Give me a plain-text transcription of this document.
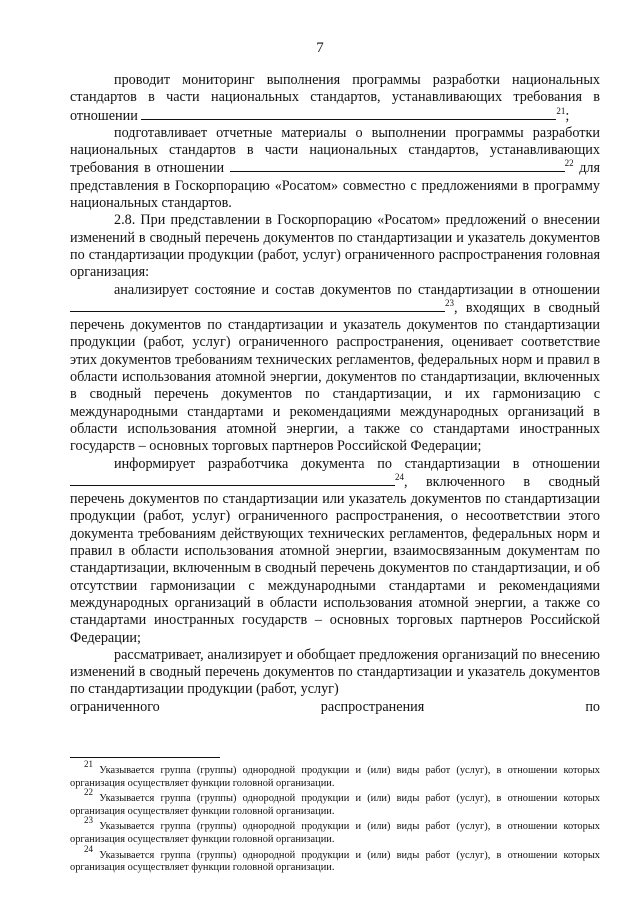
7

проводит мониторинг выполнения программы разработки национальных стандартов в части национальных стандартов, устанавливающих требования в отношении	$^{21}$;

подготавливает отчетные материалы о выполнении программы разработки национальных стандартов в части национальных стандартов, устанавливающих требования в отношении	$^{22}$ для представления в Госкорпорацию «Росатом» совместно с предложениями в программу национальных стандартов.

2.8. При представлении в Госкорпорацию «Росатом» предложений о внесении изменений в сводный перечень документов по стандартизации и указатель документов по стандартизации продукции (работ, услуг) ограниченного распространения головная организация:

анализирует состояние и состав документов по стандартизации в отношении $^{23}$, входящих в сводный перечень документов по стандартизации и указатель документов по стандартизации продукции (работ, услуг) ограниченного распространения, оценивает соответствие этих документов требованиям технических регламентов, федеральных норм и правил в области использования атомной энергии, документов по стандартизации, включенных в сводный перечень документов по стандартизации, и их гармонизацию с международными стандартами и рекомендациями международных организаций в области использования атомной энергии, а также со стандартами иностранных государств – основных торговых партнеров Российской Федерации;

информирует разработчика документа по стандартизации в отношении $^{24}$, включенного в сводный перечень документов по стандартизации или указатель документов по стандартизации продукции (работ, услуг) ограниченного распространения, о несоответствии этого документа требованиям действующих технических регламентов, федеральных норм и правил в области использования атомной энергии, взаимосвязанным документам по стандартизации, включенным в сводный перечень документов по стандартизации, и об отсутствии гармонизации с международными стандартами и рекомендациями международных организаций в области использования атомной энергии, а также со стандартами иностранных государств – основных торговых партнеров Российской Федерации;

рассматривает, анализирует и обобщает предложения организаций по внесению изменений в сводный перечень документов по стандартизации и указатель документов по стандартизации продукции (работ, услуг)

ограниченного	распространения	по

$^{21}$ Указывается группа (группы) однородной продукции и (или) виды работ (услуг), в отношении которых организация осуществляет функции головной организации.

$^{22}$ Указывается группа (группы) однородной продукции и (или) виды работ (услуг), в отношении которых организация осуществляет функции головной организации.

$^{23}$ Указывается группа (группы) однородной продукции и (или) виды работ (услуг), в отношении которых организация осуществляет функции головной организации.

$^{24}$ Указывается группа (группы) однородной продукции и (или) виды работ (услуг), в отношении которых организация осуществляет функции головной организации.
